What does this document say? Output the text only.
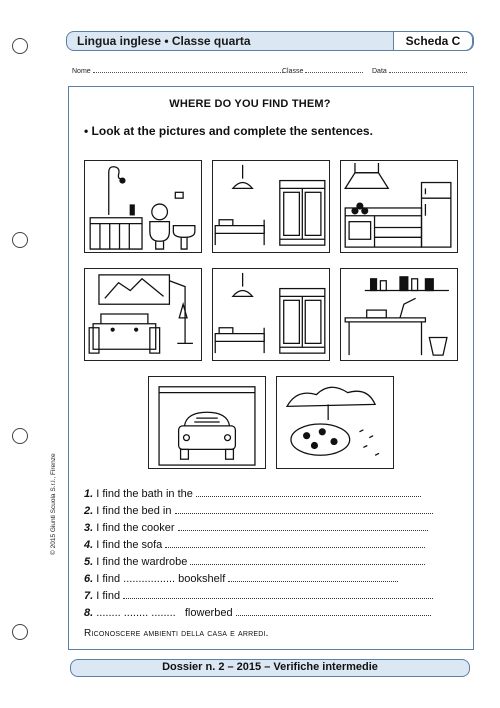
Lingua inglese • Classe quarta	Scheda C
Nome	Classe	Data
WHERE DO YOU FIND THEM?
• Look at the pictures and complete the sentences.
1. I find the bath in the
2. I find the bed in
3. I find the cooker
4. I find the sofa
5. I find the wardrobe
6. I find ................. bookshelf
7. I find
8. ........ ........ ........   flowerbed
Riconoscere ambienti della casa e arredi.
© 2015 Giunti Scuola S.r.l., Firenze
Dossier n. 2 – 2015 – Verifiche intermedie
